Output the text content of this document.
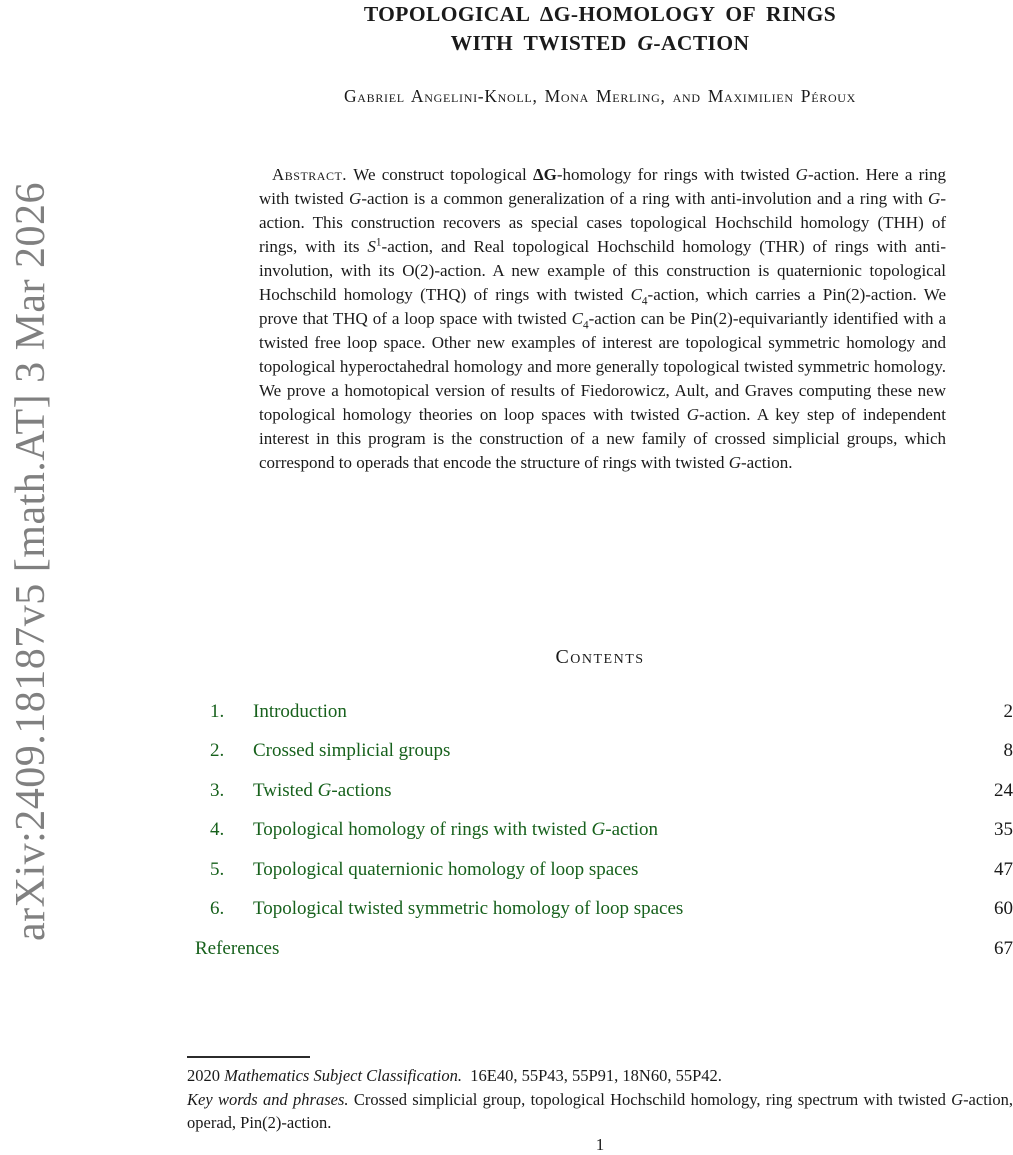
arXiv:2409.18187v5 [math.AT] 3 Mar 2026
TOPOLOGICAL ΔG-HOMOLOGY OF RINGS
WITH TWISTED G-ACTION
Gabriel Angelini-Knoll, Mona Merling, and Maximilien Péroux
Abstract. We construct topological ΔG-homology for rings with twisted G-action. Here a ring with twisted G-action is a common generalization of a ring with anti-involution and a ring with G-action. This construction recovers as special cases topological Hochschild homology (THH) of rings, with its $S^1$-action, and Real topological Hochschild homology (THR) of rings with anti-involution, with its O(2)-action. A new example of this construction is quaternionic topological Hochschild homology (THQ) of rings with twisted $C_4$-action, which carries a Pin(2)-action. We prove that THQ of a loop space with twisted $C_4$-action can be Pin(2)-equivariantly identified with a twisted free loop space. Other new examples of interest are topological symmetric homology and topological hyperoctahedral homology and more generally topological twisted symmetric homology. We prove a homotopical version of results of Fiedorowicz, Ault, and Graves computing these new topological homology theories on loop spaces with twisted G-action. A key step of independent interest in this program is the construction of a new family of crossed simplicial groups, which correspond to operads that encode the structure of rings with twisted G-action.
Contents
1.	Introduction	2
2.	Crossed simplicial groups	8
3.	Twisted G-actions	24
4.	Topological homology of rings with twisted G-action	35
5.	Topological quaternionic homology of loop spaces	47
6.	Topological twisted symmetric homology of loop spaces	60
References	67
2020 Mathematics Subject Classification.  16E40, 55P43, 55P91, 18N60, 55P42.
Key words and phrases. Crossed simplicial group, topological Hochschild homology, ring spectrum with twisted G-action, operad, Pin(2)-action.
1
